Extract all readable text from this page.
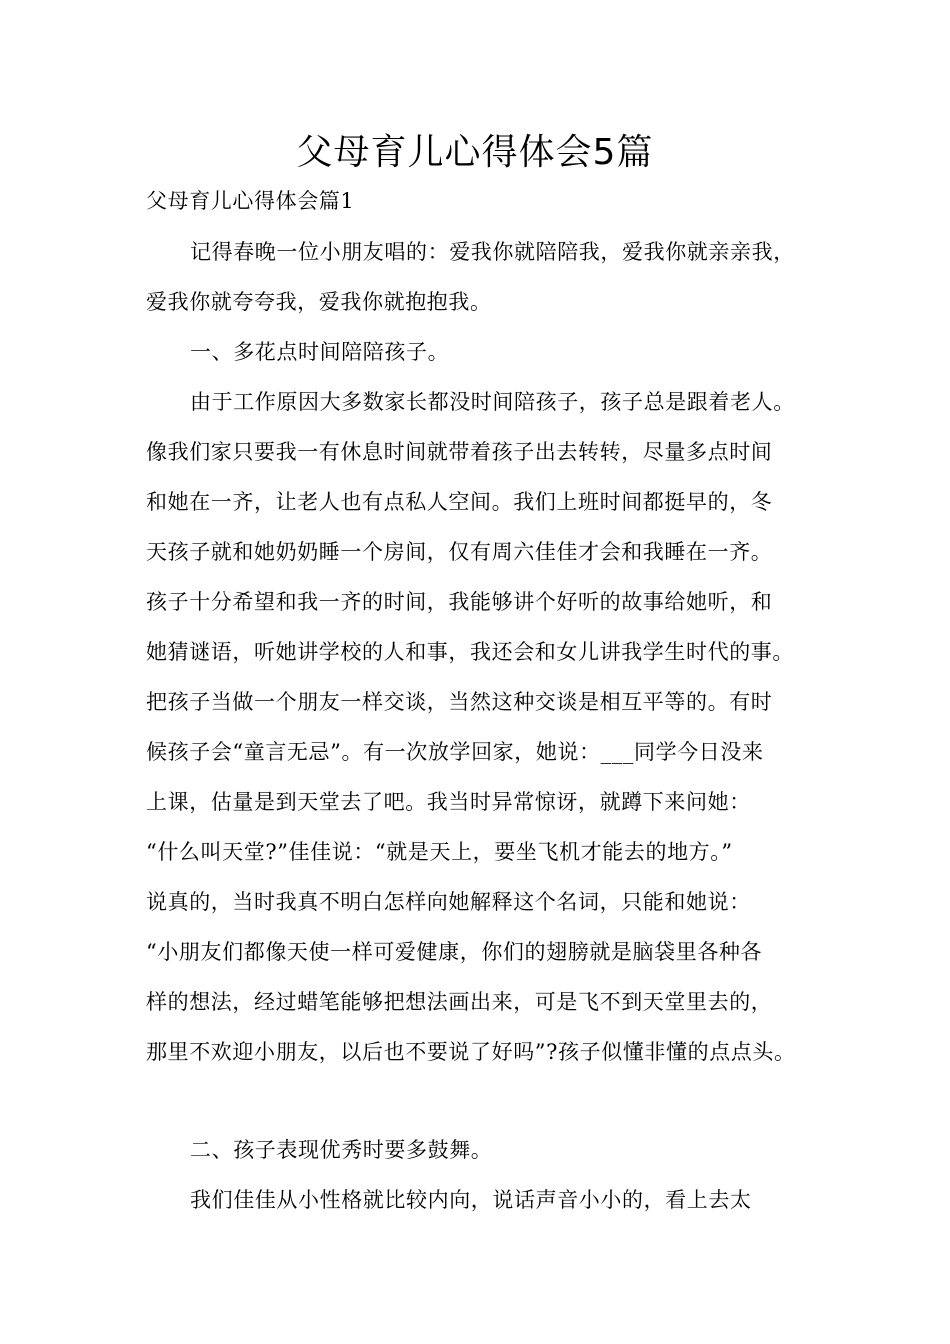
父母育儿心得体会5篇
父母育儿心得体会篇1
记得春晚一位小朋友唱的：爱我你就陪陪我，爱我你就亲亲我，
爱我你就夸夸我，爱我你就抱抱我。
一、多花点时间陪陪孩子。
由于工作原因大多数家长都没时间陪孩子，孩子总是跟着老人。
像我们家只要我一有休息时间就带着孩子出去转转，尽量多点时间
和她在一齐，让老人也有点私人空间。我们上班时间都挺早的，冬
天孩子就和她奶奶睡一个房间，仅有周六佳佳才会和我睡在一齐。
孩子十分希望和我一齐的时间，我能够讲个好听的故事给她听，和
她猜谜语，听她讲学校的人和事，我还会和女儿讲我学生时代的事。
把孩子当做一个朋友一样交谈，当然这种交谈是相互平等的。有时
候孩子会“童言无忌”。有一次放学回家，她说：___同学今日没来
上课，估量是到天堂去了吧。我当时异常惊讶，就蹲下来问她：
“什么叫天堂?”佳佳说：“就是天上，要坐飞机才能去的地方。”
说真的，当时我真不明白怎样向她解释这个名词，只能和她说：
“小朋友们都像天使一样可爱健康，你们的翅膀就是脑袋里各种各
样的想法，经过蜡笔能够把想法画出来，可是飞不到天堂里去的，
那里不欢迎小朋友，以后也不要说了好吗”?孩子似懂非懂的点点头。
二、孩子表现优秀时要多鼓舞。
我们佳佳从小性格就比较内向，说话声音小小的，看上去太
